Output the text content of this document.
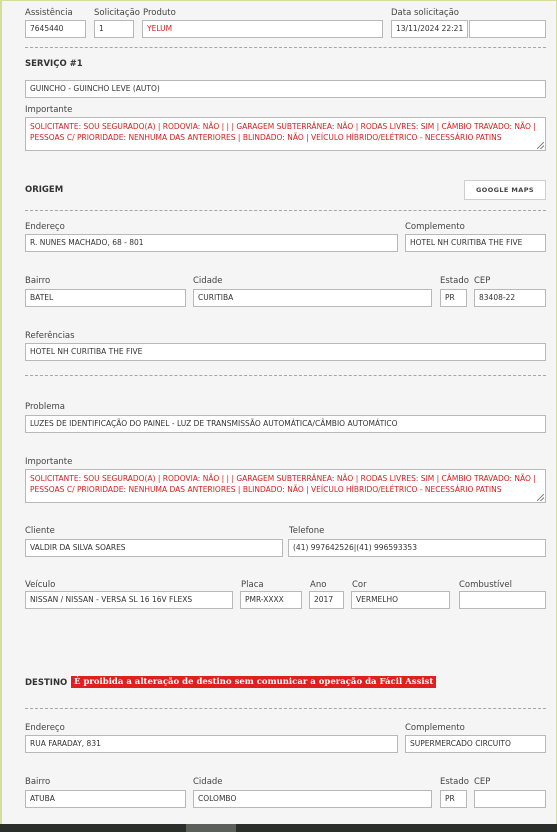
Assistência
7645440
Solicitação
1
Produto
YELUM
Data solicitação
13/11/2024 22:21
SERVIÇO #1
GUINCHO - GUINCHO LEVE (AUTO)
Importante
SOLICITANTE: SOU SEGURADO(A) | RODOVIA: NÃO | | | GARAGEM SUBTERRÂNEA: NÃO | RODAS LIVRES: SIM | CÂMBIO TRAVADO: NÃO | PESSOAS C/ PRIORIDADE: NENHUMA DAS ANTERIORES | BLINDADO: NÃO | VEÍCULO HÍBRIDO/ELÉTRICO - NECESSÁRIO PATINS
ORIGEM	GOOGLE MAPS
Endereço
R. NUNES MACHADO, 68 - 801
Complemento
HOTEL NH CURITIBA THE FIVE
Bairro
BATEL
Cidade
CURITIBA
Estado
PR
CEP
83408-22
Referências
HOTEL NH CURITIBA THE FIVE
Problema
LUZES DE IDENTIFICAÇÃO DO PAINEL - LUZ DE TRANSMISSÃO AUTOMÁTICA/CÂMBIO AUTOMÁTICO
Importante
SOLICITANTE: SOU SEGURADO(A) | RODOVIA: NÃO | | | GARAGEM SUBTERRÂNEA: NÃO | RODAS LIVRES: SIM | CÂMBIO TRAVADO: NÃO | PESSOAS C/ PRIORIDADE: NENHUMA DAS ANTERIORES | BLINDADO: NÃO | VEÍCULO HÍBRIDO/ELÉTRICO - NECESSÁRIO PATINS
Cliente
VALDIR DA SILVA SOARES
Telefone
(41) 997642526|(41) 996593353
Veículo
NISSAN / NISSAN - VERSA SL 16 16V FLEXS
Placa
PMR-XXXX
Ano
2017
Cor
VERMELHO
Combustível
DESTINO É proibida a alteração de destino sem comunicar a operação da Fácil Assist
Endereço
RUA FARADAY, 831
Complemento
SUPERMERCADO CIRCUITO
Bairro
ATUBA
Cidade
COLOMBO
Estado
PR
CEP
